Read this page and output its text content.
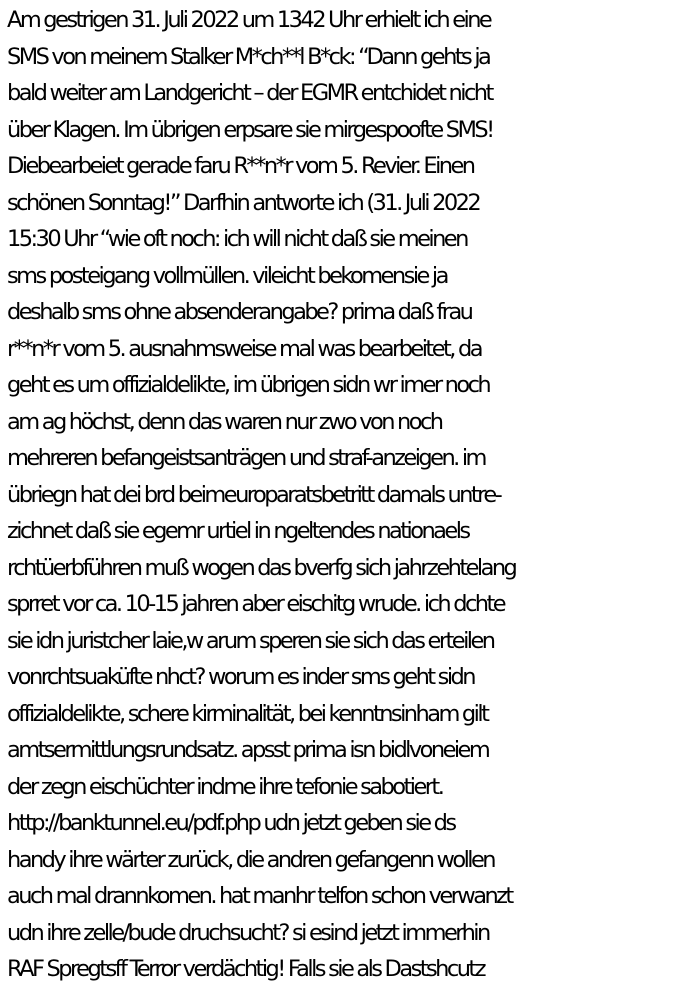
Am gestrigen 31. Juli 2022 um 1342 Uhr erhielt ich eine
SMS von meinem Stalker M*ch**l B*ck: “Dann gehts ja
bald weiter am Landgericht – der EGMR entchidet nicht
über Klagen. Im übrigen erpsare sie mirgespoofte SMS!
Diebearbeiet gerade faru R**n*r vom 5. Revier. Einen
schönen Sonntag!” Darfhin antworte ich (31. Juli 2022
15:30 Uhr “wie oft noch: ich will nicht daß sie meinen
sms posteigang vollmüllen. vileicht bekomensie ja
deshalb sms ohne absenderangabe? prima daß frau
r**n*r vom 5. ausnahmsweise mal was bearbeitet, da
geht es um offizialdelikte, im übrigen sidn wr imer noch
am ag höchst, denn das waren nur zwo von noch
mehreren befangeistsanträgen und straf-anzeigen. im
übriegn hat dei brd beimeuroparatsbetritt damals untre-
zichnet daß sie egemr urtiel in ngeltendes nationaels
rchtüerbführen muß wogen das bverfg sich jahrzehtelang
sprret vor ca. 10-15 jahren aber eischitg wrude. ich dchte
sie idn juristcher laie,w arum speren sie sich das erteilen
vonrchtsuaküfte nhct? worum es inder sms geht sidn
offizialdelikte, schere kirminalität, bei kenntnsinham gilt
amtsermittlungsrundsatz. apsst prima isn bidlvoneiem
der zegn eischüchter indme ihre tefonie sabotiert.
http://banktunnel.eu/pdf.php udn jetzt geben sie ds
handy ihre wärter zurück, die andren gefangenn wollen
auch mal drannkomen. hat manhr telfon schon verwanzt
udn ihre zelle/bude druchsucht? si esind jetzt immerhin
RAF Spregtsff Terror verdächtig! Falls sie als Dastshcutz
